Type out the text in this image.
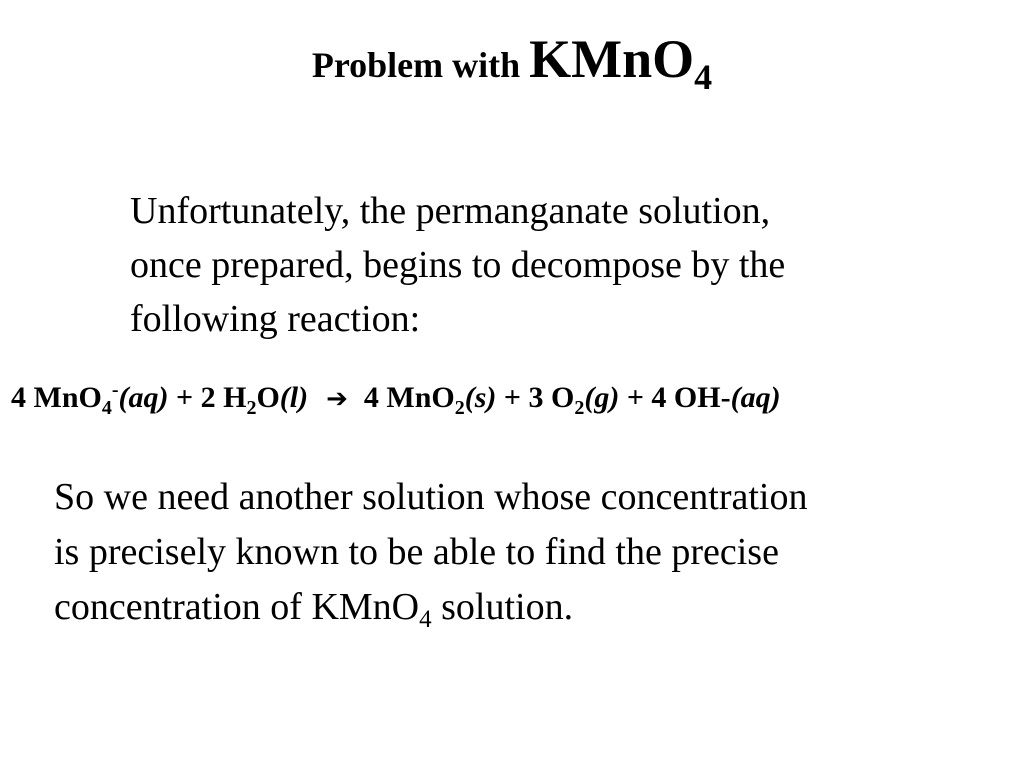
Problem with KMnO$_4$
Unfortunately, the permanganate solution,
once prepared, begins to decompose by the
following reaction:
4 MnO$_4$-(aq) + 2 $H_2O(l)$ ➔ 4 MnO$_2$(s) + 3 $O_2(g) + 4$ OH-(aq)
So we need another solution whose concentration
is precisely known to be able to find the precise
concentration of KMnO$_4$ solution.
